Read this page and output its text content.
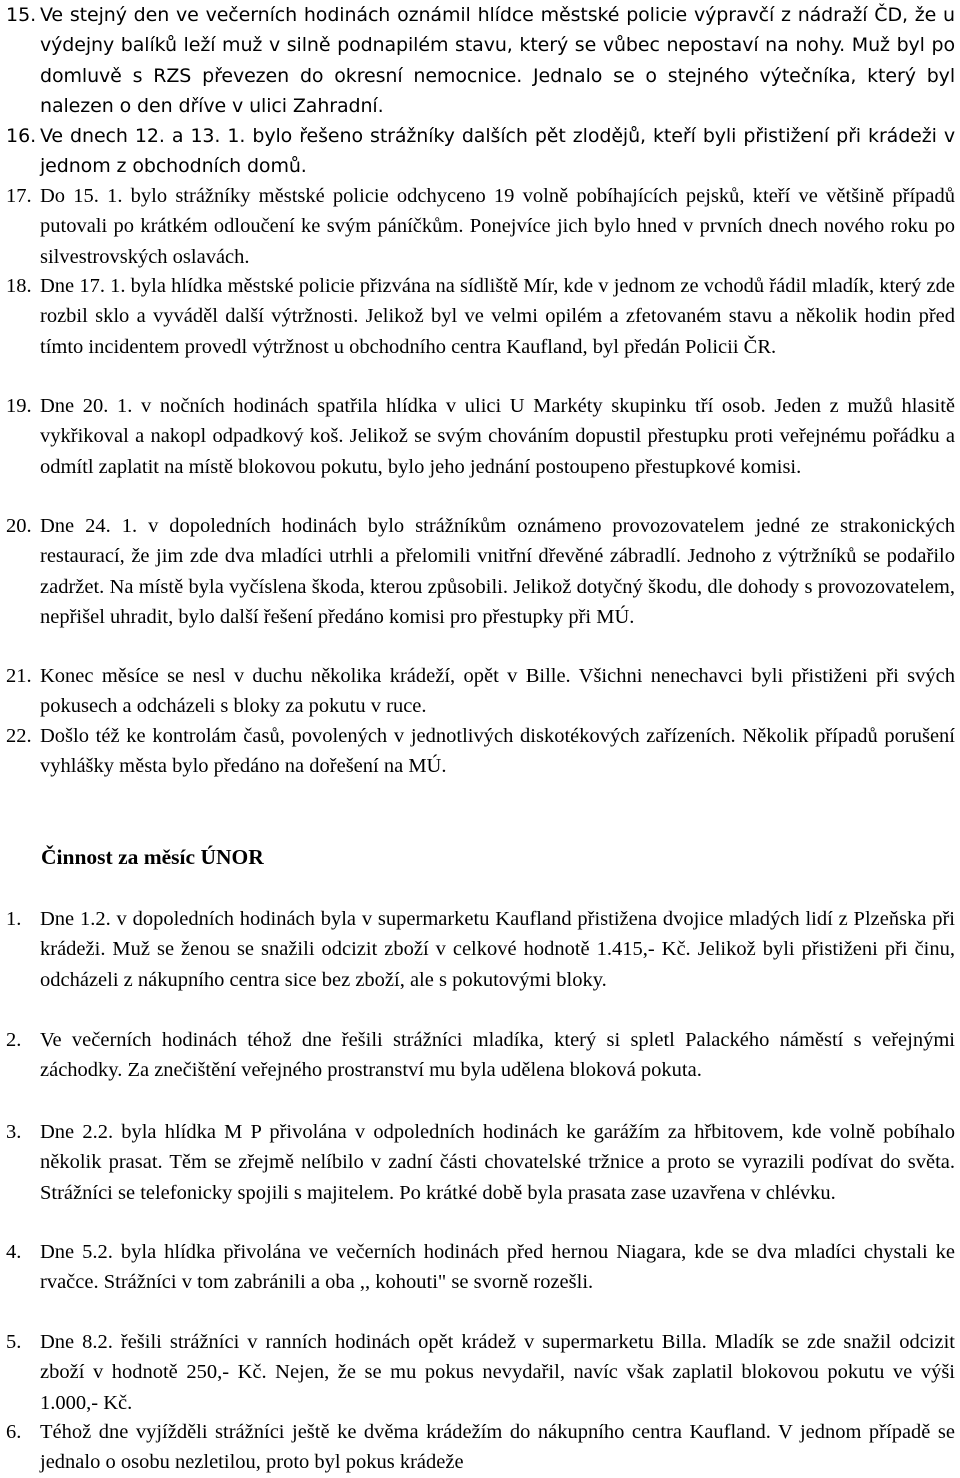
15. Ve stejný den ve večerních hodinách oznámil hlídce městské policie výpravčí z nádraží ČD, že u výdejny balíků leží muž v silně podnapilém stavu, který se vůbec nepostaví na nohy. Muž byl po domluvě s RZS převezen do okresní nemocnice. Jednalo se o stejného výtečníka, který byl nalezen o den dříve v ulici Zahradní.
16. Ve dnech 12. a 13. 1. bylo řešeno strážníky dalších pět zlodějů, kteří byli přistižení při krádeži v jednom z obchodních domů.
17. Do 15. 1. bylo strážníky městské policie odchyceno 19 volně pobíhajících pejsků, kteří ve většině případů putovali po krátkém odloučení ke svým páníčkům. Ponejvíce jich bylo hned v prvních dnech nového roku po silvestrovských oslavách.
18. Dne 17. 1. byla hlídka městské policie přizvána na sídliště Mír, kde v jednom ze vchodů řádil mladík, který zde rozbil sklo a vyváděl další výtržnosti. Jelikož byl ve velmi opilém a zfetovaném stavu a několik hodin před tímto incidentem provedl výtržnost u obchodního centra Kaufland, byl předán Policii ČR.
19. Dne 20. 1. v nočních hodinách spatřila hlídka v ulici U Markéty skupinku tří osob. Jeden z mužů hlasitě vykřikoval a nakopl odpadkový koš. Jelikož se svým chováním dopustil přestupku proti veřejnému pořádku a odmítl zaplatit na místě blokovou pokutu, bylo jeho jednání postoupeno přestupkové komisi.
20. Dne 24. 1. v dopoledních hodinách bylo strážníkům oznámeno provozovatelem jedné ze strakonických restaurací, že jim zde dva mladíci utrhli a přelomili vnitřní dřevěné zábradlí. Jednoho z výtržníků se podařilo zadržet. Na místě byla vyčíslena škoda, kterou způsobili. Jelikož dotyčný škodu, dle dohody s provozovatelem, nepřišel uhradit, bylo další řešení předáno komisi pro přestupky při MÚ.
21. Konec měsíce se nesl v duchu několika krádeží, opět v Bille. Všichni nenechavci byli přistiženi při svých pokusech a odcházeli s bloky za pokutu v ruce.
22. Došlo též ke kontrolám časů, povolených v jednotlivých diskotékových zařízeních. Několik případů porušení vyhlášky města bylo předáno na dořešení na MÚ.
Činnost za měsíc ÚNOR
1. Dne 1.2. v dopoledních hodinách byla v supermarketu Kaufland přistižena dvojice mladých lidí z Plzeňska při krádeži. Muž se ženou se snažili odcizit zboží v celkové hodnotě 1.415,- Kč. Jelikož byli přistiženi při činu, odcházeli z nákupního centra sice bez zboží, ale s pokutovými bloky.
2. Ve večerních hodinách téhož dne řešili strážníci mladíka, který si spletl Palackého náměstí s veřejnými záchodky. Za znečištění veřejného prostranství mu byla udělena bloková pokuta.
3. Dne 2.2. byla hlídka M P přivolána v odpoledních hodinách ke garážím za hřbitovem, kde volně pobíhalo několik prasat. Těm se zřejmě nelíbilo v zadní části chovatelské tržnice a proto se vyrazili podívat do světa. Strážníci se telefonicky spojili s majitelem. Po krátké době byla prasata zase uzavřena v chlévku.
4. Dne 5.2. byla hlídka přivolána ve večerních hodinách před hernou Niagara, kde se dva mladíci chystali ke rvačce. Strážníci v tom zabránili a oba ,, kohouti" se svorně rozešli.
5. Dne 8.2. řešili strážníci v ranních hodinách opět krádež v supermarketu Billa. Mladík se zde snažil odcizit zboží v hodnotě 250,- Kč. Nejen, že se mu pokus nevydařil, navíc však zaplatil blokovou pokutu ve výši 1.000,- Kč.
6. Téhož dne vyjížděli strážníci ještě ke dvěma krádežím do nákupního centra Kaufland. V jednom případě se jednalo o osobu nezletilou, proto byl pokus krádeže
